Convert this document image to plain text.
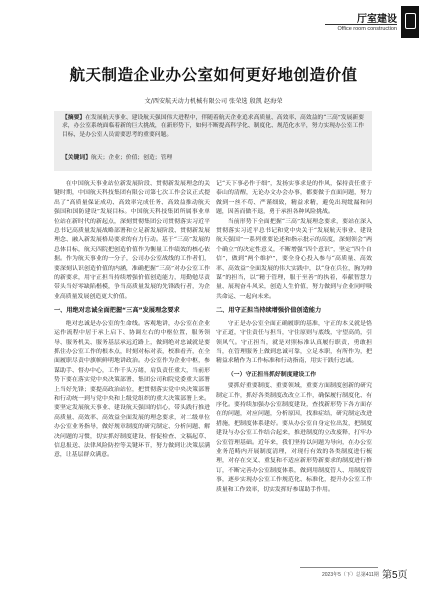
厅室建设
Office room construction
航天制造企业办公室如何更好地创造价值
文/西安航天动力机械有限公司 张荣选 殷凯 赵海荣
【摘要】在发展航天事业、建设航天强国伟大进程中，伴随着航天企业追求高质量、高效率、高效益的“三高”发展新要求，办公室系统面临着新的巨大挑战，在新形势下，如何不断提高科学化、制度化、规范化水平，努力实现办公室工作目标，是办公室人员需要思考的重要问题。
【关键词】航天；企业；价值；创造；管理

在中国航天事业站位新发展阶段、贯彻新发展理念的关键时期，中国航天科技集团有限公司第七次工作会议正式提出了“高质量保证成功、高效率完成任务、高效益推动航天强国和国防建设”发展目标。中国航天科技集团所属事业单位站在新时代的新起点，深刻贯彻集团公司贯彻落实习近平总书记高质量发展战略部署和立足新发展阶段、贯彻新发展理念、融入新发展格局要求的有力行动。基于“三高”发展的总体目标，航天四院把创造价值作为衡量工作绩效的核心依据。作为航天事业的一分子，公司办公室战线的工作者们，要深刻认识创造价值的内涵，准确把握“三高”对办公室工作的新要求，用守正担当持续增强价值创造能力，用勤勉尽责带头当好零缺陷楷模，争当高质量发展的先锋践行者，为企业高质量发展创造更大价值。

一、用绝对忠诚全面把握“三高”发展理念要求

绝对忠诚是办公室的生命线。客观地讲，办公室在企业运作流程中居于承上启下、协调左右的中枢位置，服务领导、服务机关、服务基层承远近路上，做到绝对忠诚就是要抓住办公室工作的根本点，时刻对标对表，校准看齐，在全面履职尽责中旗帜鲜明地讲政治。办公室作为企业中枢，参谋助手、督办中心，工作千头万绪，肩负责任重大，当前形势下要在落实党中央决策部署、集团公司和院党委重大部署上当好先锋；要提高政治站位，把贯彻落实党中央决策部署和行动统一到与党中央和上级党组织的重大决策部署上来。要坚定发展航天事业、建设航天强国的信心，带头践行推进高质量、高效率、高效益全面发展的理念要求，对二级单位办公室业务指导，做好规章制度的研究制定、分析问题、解决问题的习惯，切实抓好制度建设、督促检查、文稿起草、信息报送、法律风险防控等关键环节，努力做到让决策层满意，让基层群众满意。

记“天下事必作于细”，发扬实事求是的作风，保持责任重于泰山的清醒，无论办文办会办事，都要做于直面问题，努力做到一丝不苟、严谨细致，精益求精，避免出现纰漏和问题，因善而做不退，勇于承担各种风险挑战。

当前形势下全面把握“三高”发展理念要求，要站在深入贯彻落实习近平总书记和党中央关于“发展航天事业、建设航天强国”一系列重要论述和指示批示的高度，深刻领会“两个确立”的决定性意义，不断增强“四个意识”，坚定“四个自信”，做到“两个维护”，要全身心投入参与“高质量、高效率、高效益”全面发展的伟大实践中，以“身在兵位，胸为帅谋”的担当，以“精于管理，服于至善”的执着，奉献智慧力量、展现奋斗风采，创造人生价值，努力做到与企业同呼吸共命运、一起向未来。

二、用守正担当持续增强价值创造能力

守正是办公室全面正确履职的基准，守正的本义就是恪守正道，守住责任与担当，守住原则与底线，守望高尚，引领风气。守正担当，就是对照标准认真履行职责，勇敢担当，在管理服务上做到忠诚可靠，立足本职，有所作为，把精益求精作为工作标准和行动指南，用实干践行忠诚。

（一）守正担当抓好制度建设工作

要抓好重要制度、重要领域，重要方面制度创新的研究制定工作，抓好各类制度改改立工作，确保履行制度化、有序化。要持续加强办公室制度建设，查找新形势下各方面存在的问题，对应问题，分析原因，找准症结，研究制定改进措施，把制度体系建好。要从办公室自身定位出发，把制度建设与办公室工作结合起来，推进制度的立改废释，打牢办公室管理基础。近年来，我们坚持以问题为导向，在办公室业务范畴内开展制度清理，对现行有效的各类制度进行梳理，对存在交叉、重复和不适应新形势新要求的制度进行修订，不断完善办公室制度体系，做到用制度管人、用制度管事，逐步实现办公室工作规范化、标准化，提升办公室工作质量和工作效率，切实发挥好参谋助手作用。

2023年5（下）总第411期 第5页
